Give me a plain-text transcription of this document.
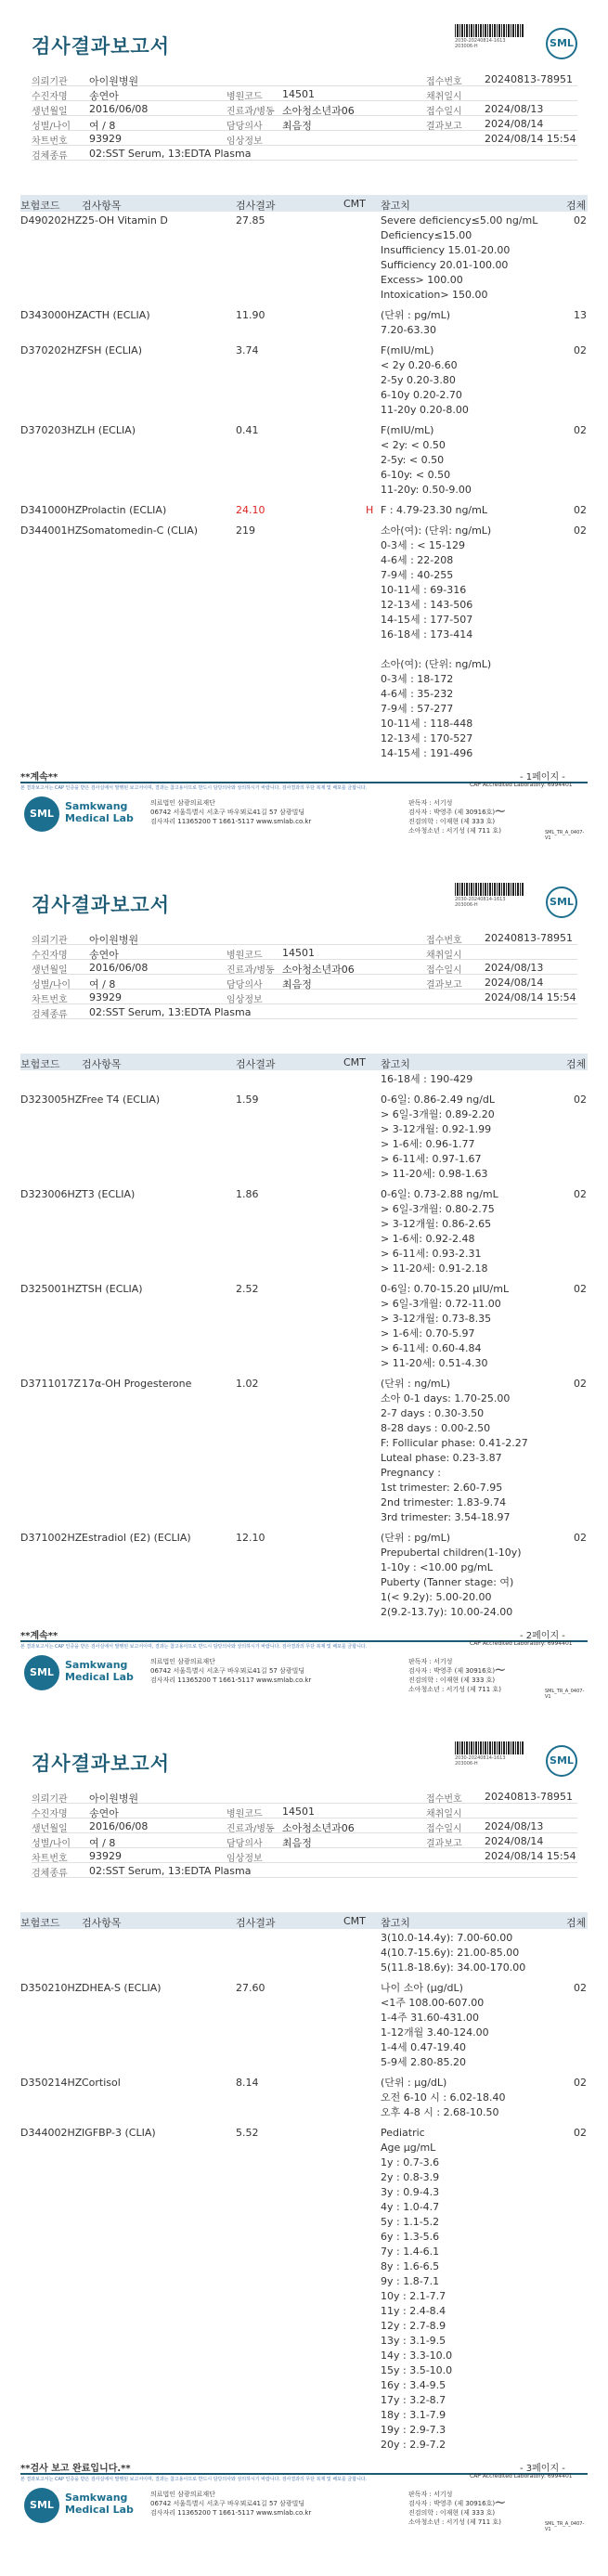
검사결과보고서	2030-20240814-1613
203006-H	SML
의뢰기관 아이원병원	접수번호 20240813-78951
수진자명 송연아	병원코드 14501	채취일시
생년월일 2016/06/08	진료과/병동 소아청소년과06	접수일시 2024/08/13
성별/나이 여 / 8	담당의사 최음정	결과보고 2024/08/14
차트번호 93929	임상정보	2024/08/14 15:54
검체종류 02:SST Serum, 13:EDTA Plasma
보험코드 검사항목	검사결과	CMT 참고치	검체
D490202HZ 25-OH Vitamin D	27.85	02
Severe deficiency≤5.00 ng/mL
Deficiency≤15.00
Insufficiency 15.01-20.00
Sufficiency 20.01-100.00
Excess> 100.00
Intoxication> 150.00
D343000HZ ACTH (ECLIA)	11.90	13
(단위 : pg/mL)
7.20-63.30
D370202HZ FSH (ECLIA)	3.74	02
F(mIU/mL)
< 2y 0.20-6.60
2-5y 0.20-3.80
6-10y 0.20-2.70
11-20y 0.20-8.00
D370203HZ LH (ECLIA)	0.41	02
F(mIU/mL)
< 2y: < 0.50
2-5y: < 0.50
6-10y: < 0.50
11-20y: 0.50-9.00
D341000HZ Prolactin (ECLIA)	24.10	H	02
F : 4.79-23.30 ng/mL
D344001HZ Somatomedin-C (CLIA)	219	02
소아(여): (단위: ng/mL)
0-3세 : < 15-129
4-6세 : 22-208
7-9세 : 40-255
10-11세 : 69-316
12-13세 : 143-506
14-15세 : 177-507
16-18세 : 173-414
소아(여): (단위: ng/mL)
0-3세 : 18-172
4-6세 : 35-232
7-9세 : 57-277
10-11세 : 118-448
12-13세 : 170-527
14-15세 : 191-496
**계속**	- 1페이지 -
본 결과보고서는 CAP 인증을 받은 검사실에서 발행된 보고서이며, 결과는 참고용이므로 반드시 담당의사와 상의하시기 바랍니다. 검사결과의 무단 복제 및 배포를 금합니다.	CAP Accredited Laboratory: 6994401
SML
Samkwang
Medical Lab
의료법인 삼광의료재단
06742 서울특별시 서초구 바우뫼로41길 57 삼광빌딩
검사자리 11365200 T 1661-5117 www.smlab.co.kr
판독자 : 서기성
검사자 : 박영주 (제 30916호)
진검의학 : 이재현 (제 333 호)
소아청소년 : 서기성 (제 711 호)
~
SML_TR_A_0407-V1
검사결과보고서	2030-20240814-1613
203006-H	SML
의뢰기관 아이원병원	접수번호 20240813-78951
수진자명 송연아	병원코드 14501	채취일시
생년월일 2016/06/08	진료과/병동 소아청소년과06	접수일시 2024/08/13
성별/나이 여 / 8	담당의사 최음정	결과보고 2024/08/14
차트번호 93929	임상정보	2024/08/14 15:54
검체종류 02:SST Serum, 13:EDTA Plasma
보험코드 검사항목	검사결과	CMT 참고치	검체
16-18세 : 190-429
D323005HZ Free T4 (ECLIA)	1.59	02
0-6일: 0.86-2.49 ng/dL
> 6일-3개월: 0.89-2.20
> 3-12개월: 0.92-1.99
> 1-6세: 0.96-1.77
> 6-11세: 0.97-1.67
> 11-20세: 0.98-1.63
D323006HZ T3 (ECLIA)	1.86	02
0-6일: 0.73-2.88 ng/mL
> 6일-3개월: 0.80-2.75
> 3-12개월: 0.86-2.65
> 1-6세: 0.92-2.48
> 6-11세: 0.93-2.31
> 11-20세: 0.91-2.18
D325001HZ TSH (ECLIA)	2.52	02
0-6일: 0.70-15.20 μIU/mL
> 6일-3개월: 0.72-11.00
> 3-12개월: 0.73-8.35
> 1-6세: 0.70-5.97
> 6-11세: 0.60-4.84
> 11-20세: 0.51-4.30
D3711017Z 17α-OH Progesterone	1.02	02
(단위 : ng/mL)
소아 0-1 days: 1.70-25.00
2-7 days : 0.30-3.50
8-28 days : 0.00-2.50
F: Follicular phase: 0.41-2.27
Luteal phase: 0.23-3.87
Pregnancy :
1st trimester: 2.60-7.95
2nd trimester: 1.83-9.74
3rd trimester: 3.54-18.97
D371002HZ Estradiol (E2) (ECLIA)	12.10	02
(단위 : pg/mL)
Prepubertal children(1-10y)
1-10y : <10.00 pg/mL
Puberty (Tanner stage: 여)
1(< 9.2y): 5.00-20.00
2(9.2-13.7y): 10.00-24.00
**계속**	- 2페이지 -
본 결과보고서는 CAP 인증을 받은 검사실에서 발행된 보고서이며, 결과는 참고용이므로 반드시 담당의사와 상의하시기 바랍니다. 검사결과의 무단 복제 및 배포를 금합니다.	CAP Accredited Laboratory: 6994401
SML
Samkwang
Medical Lab
의료법인 삼광의료재단
06742 서울특별시 서초구 바우뫼로41길 57 삼광빌딩
검사자리 11365200 T 1661-5117 www.smlab.co.kr
판독자 : 서기성
검사자 : 박영주 (제 30916호)
진검의학 : 이재현 (제 333 호)
소아청소년 : 서기성 (제 711 호)
~
SML_TR_A_0407-V1
검사결과보고서	2030-20240814-1613
203006-H	SML
의뢰기관 아이원병원	접수번호 20240813-78951
수진자명 송연아	병원코드 14501	채취일시
생년월일 2016/06/08	진료과/병동 소아청소년과06	접수일시 2024/08/13
성별/나이 여 / 8	담당의사 최음정	결과보고 2024/08/14
차트번호 93929	임상정보	2024/08/14 15:54
검체종류 02:SST Serum, 13:EDTA Plasma
보험코드 검사항목	검사결과	CMT 참고치	검체
3(10.0-14.4y): 7.00-60.00
4(10.7-15.6y): 21.00-85.00
5(11.8-18.6y): 34.00-170.00
D350210HZ DHEA-S (ECLIA)	27.60	02
나이 소아 (μg/dL)
<1주 108.00-607.00
1-4주 31.60-431.00
1-12개월 3.40-124.00
1-4세 0.47-19.40
5-9세 2.80-85.20
D350214HZ Cortisol	8.14	02
(단위 : μg/dL)
오전 6-10 시 : 6.02-18.40
오후 4-8 시 : 2.68-10.50
D344002HZ IGFBP-3 (CLIA)	5.52	02
Pediatric
Age μg/mL
1y : 0.7-3.6
2y : 0.8-3.9
3y : 0.9-4.3
4y : 1.0-4.7
5y : 1.1-5.2
6y : 1.3-5.6
7y : 1.4-6.1
8y : 1.6-6.5
9y : 1.8-7.1
10y : 2.1-7.7
11y : 2.4-8.4
12y : 2.7-8.9
13y : 3.1-9.5
14y : 3.3-10.0
15y : 3.5-10.0
16y : 3.4-9.5
17y : 3.2-8.7
18y : 3.1-7.9
19y : 2.9-7.3
20y : 2.9-7.2
**검사 보고 완료입니다.**	- 3페이지 -
본 결과보고서는 CAP 인증을 받은 검사실에서 발행된 보고서이며, 결과는 참고용이므로 반드시 담당의사와 상의하시기 바랍니다. 검사결과의 무단 복제 및 배포를 금합니다.	CAP Accredited Laboratory: 6994401
SML
Samkwang
Medical Lab
의료법인 삼광의료재단
06742 서울특별시 서초구 바우뫼로41길 57 삼광빌딩
검사자리 11365200 T 1661-5117 www.smlab.co.kr
판독자 : 서기성
검사자 : 박영주 (제 30916호)
진검의학 : 이재현 (제 333 호)
소아청소년 : 서기성 (제 711 호)
~
SML_TR_A_0407-V1
